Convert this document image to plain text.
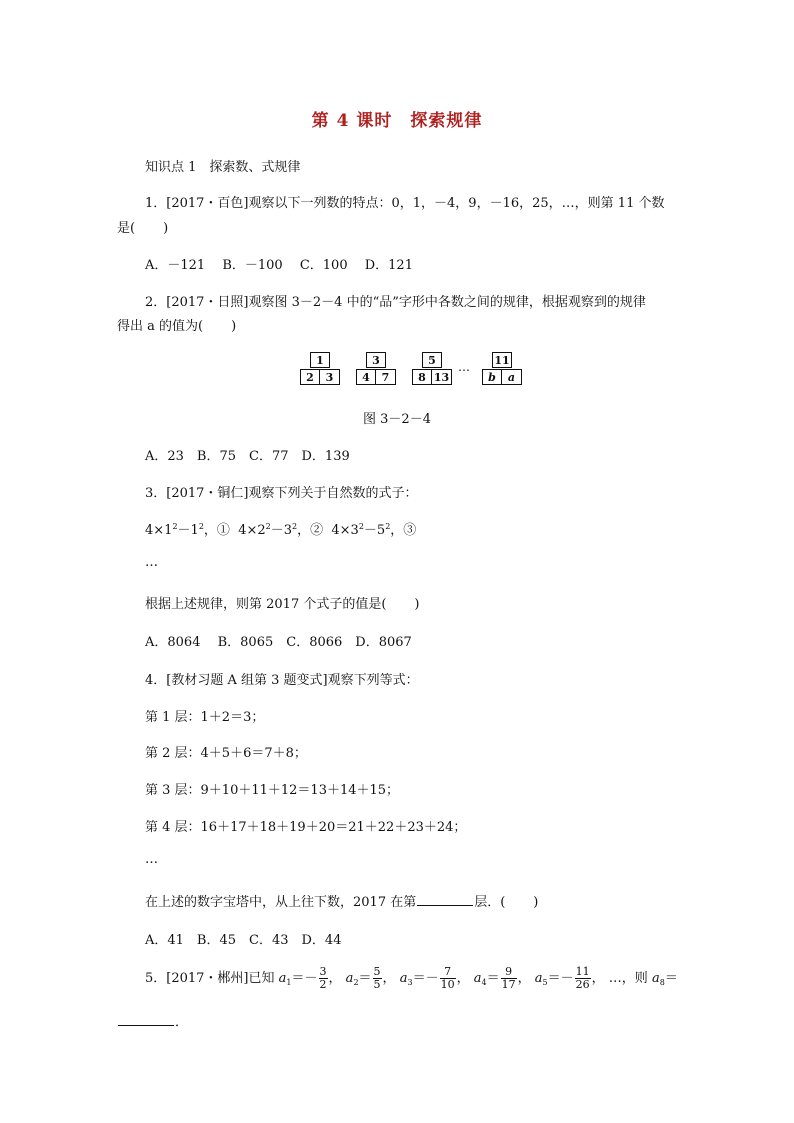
第 4 课时　探索规律
知识点 1　探索数、式规律
1．[2017・百色]观察以下一列数的特点：0，1，－4，9，－16，25，…，则第 11 个数
是( )
A．－121　 B．－100　 C．100　 D．121
2．[2017・日照]观察图 3－2－4 中的“品”字形中各数之间的规律，根据观察到的规律
得出 a 的值为( )
1
2	3
3
4	7
5
8 13
… 11
b	a
图 3－2－4
A．23　B．75　C．77　D．139
3．[2017・铜仁]观察下列关于自然数的式子：
$4\times 1^2-1^2$，① $4\times 2^2-3^2$，② $4\times 3^2-5^2$，③
…
根据上述规律，则第 2017 个式子的值是( )
A．8064　 B．8065　C．8066　D．8067
4．[教材习题 A 组第 3 题变式]观察下列等式：
第 1 层：1＋2＝3；
第 2 层：4＋5＋6＝7＋8；
第 3 层：9＋10＋11＋12＝13＋14＋15；
第 4 层：16＋17＋18＋19＋20＝21＋22＋23＋24；
…
在上述的数字宝塔中，从上往下数，2017 在第	层．( )
A．41　B．45　C．43　D．44
5．[2017・郴州]已知 $a_1=- \frac{3}{2}$ ， $a_2= \frac{5}{5}$ ， $a_3=- \frac{7}{10}$ ， $a_4= \frac{9}{17}$ ， $a_5=- \frac{11}{26}$ ， …，则 $a_8=$
．
